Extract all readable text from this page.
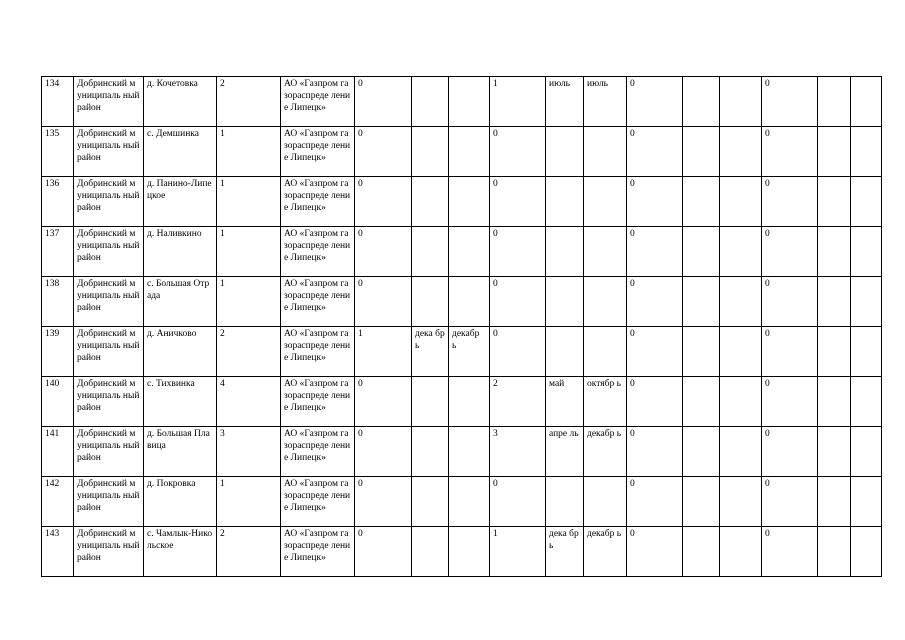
134	Добринский муниципаль ный район	д. Кочетовка	2	АО «Газпром газораспреде ление Липецк»	0			1	июль	июль	0			0		

135	Добринский муниципаль ный район	с. Демшинка	1	АО «Газпром газораспреде ление Липецк»	0			0			0			0		

136	Добринский муниципаль ный район	д. Панино-Липецкое	1	АО «Газпром газораспреде ление Липецк»	0			0			0			0		

137	Добринский муниципаль ный район	д. Наливкино	1	АО «Газпром газораспреде ление Липецк»	0			0			0			0		

138	Добринский муниципаль ный район	с. Большая Отрада	1	АО «Газпром газораспреде ление Липецк»	0			0			0			0		

139	Добринский муниципаль ный район	д. Аничково	2	АО «Газпром газораспреде ление Липецк»	1	дека брь	декабр ь	0			0			0		

140	Добринский муниципаль ный район	с. Тихвинка	4	АО «Газпром газораспреде ление Липецк»	0			2	май	октябр ь	0			0		

141	Добринский муниципаль ный район	д. Большая Плавица	3	АО «Газпром газораспреде ление Липецк»	0			3	апре ль	декабр ь	0			0		

142	Добринский муниципаль ный район	д. Покровка	1	АО «Газпром газораспреде ление Липецк»	0			0			0			0		

143	Добринский муниципаль ный район	с. Чамлык-Никольское	2	АО «Газпром газораспреде ление Липецк»	0			1	дека брь	декабр ь	0			0		
